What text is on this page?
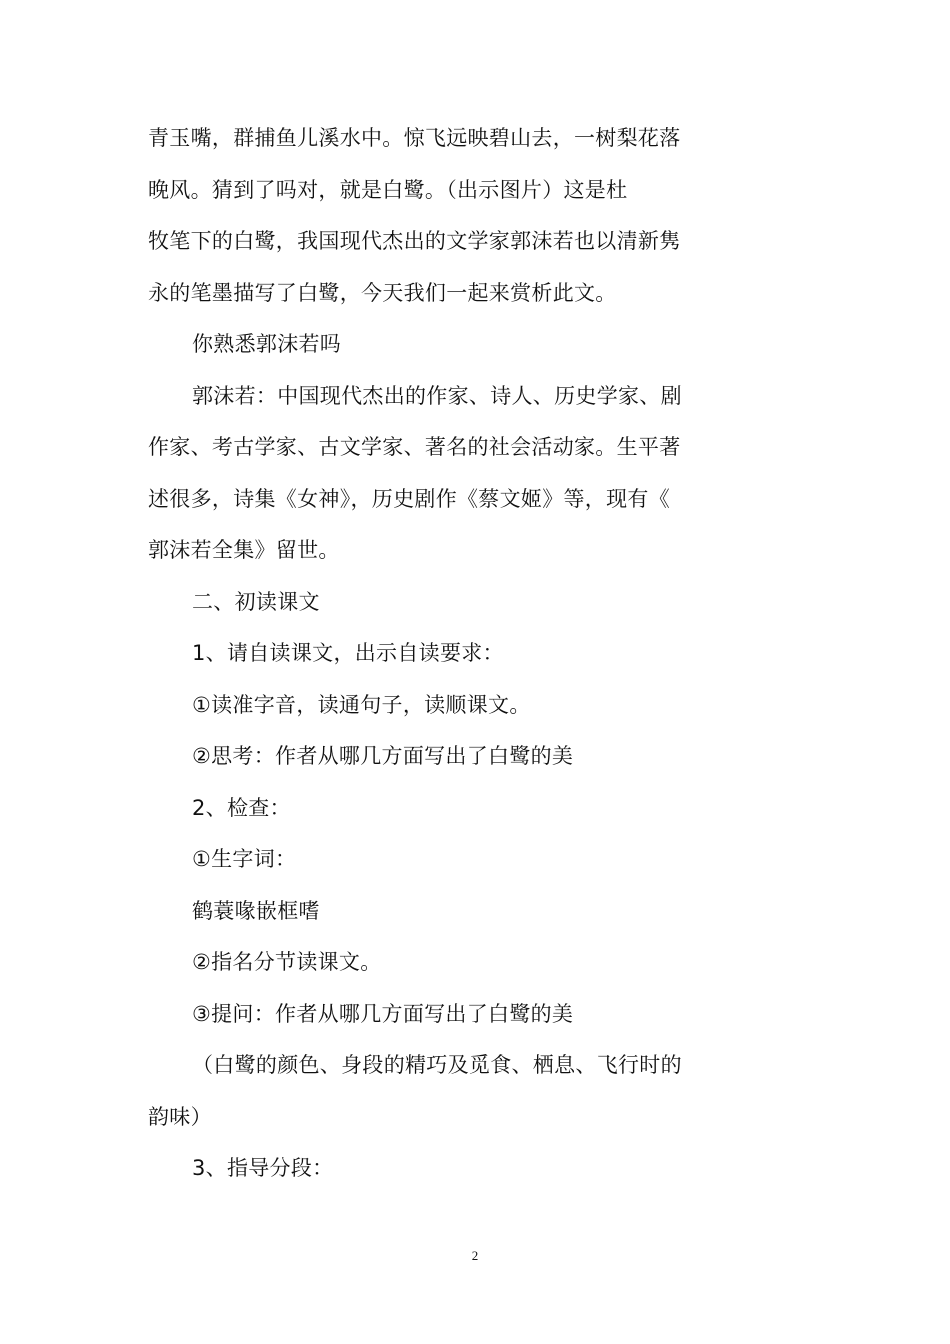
青玉嘴，群捕鱼儿溪水中。惊飞远映碧山去，一树梨花落
晚风。猜到了吗对，就是白鹭。（出示图片）这是杜
牧笔下的白鹭，我国现代杰出的文学家郭沫若也以清新隽
永的笔墨描写了白鹭，今天我们一起来赏析此文。
你熟悉郭沫若吗
郭沫若：中国现代杰出的作家、诗人、历史学家、剧
作家、考古学家、古文学家、著名的社会活动家。生平著
述很多，诗集《女神》，历史剧作《蔡文姬》等，现有《
郭沫若全集》留世。
二、初读课文
1、请自读课文，出示自读要求：
①读准字音，读通句子，读顺课文。
②思考：作者从哪几方面写出了白鹭的美
2、检查：
①生字词：
鹤蓑喙嵌框嗜
②指名分节读课文。
③提问：作者从哪几方面写出了白鹭的美
（白鹭的颜色、身段的精巧及觅食、栖息、飞行时的
韵味）
3、指导分段：
2
